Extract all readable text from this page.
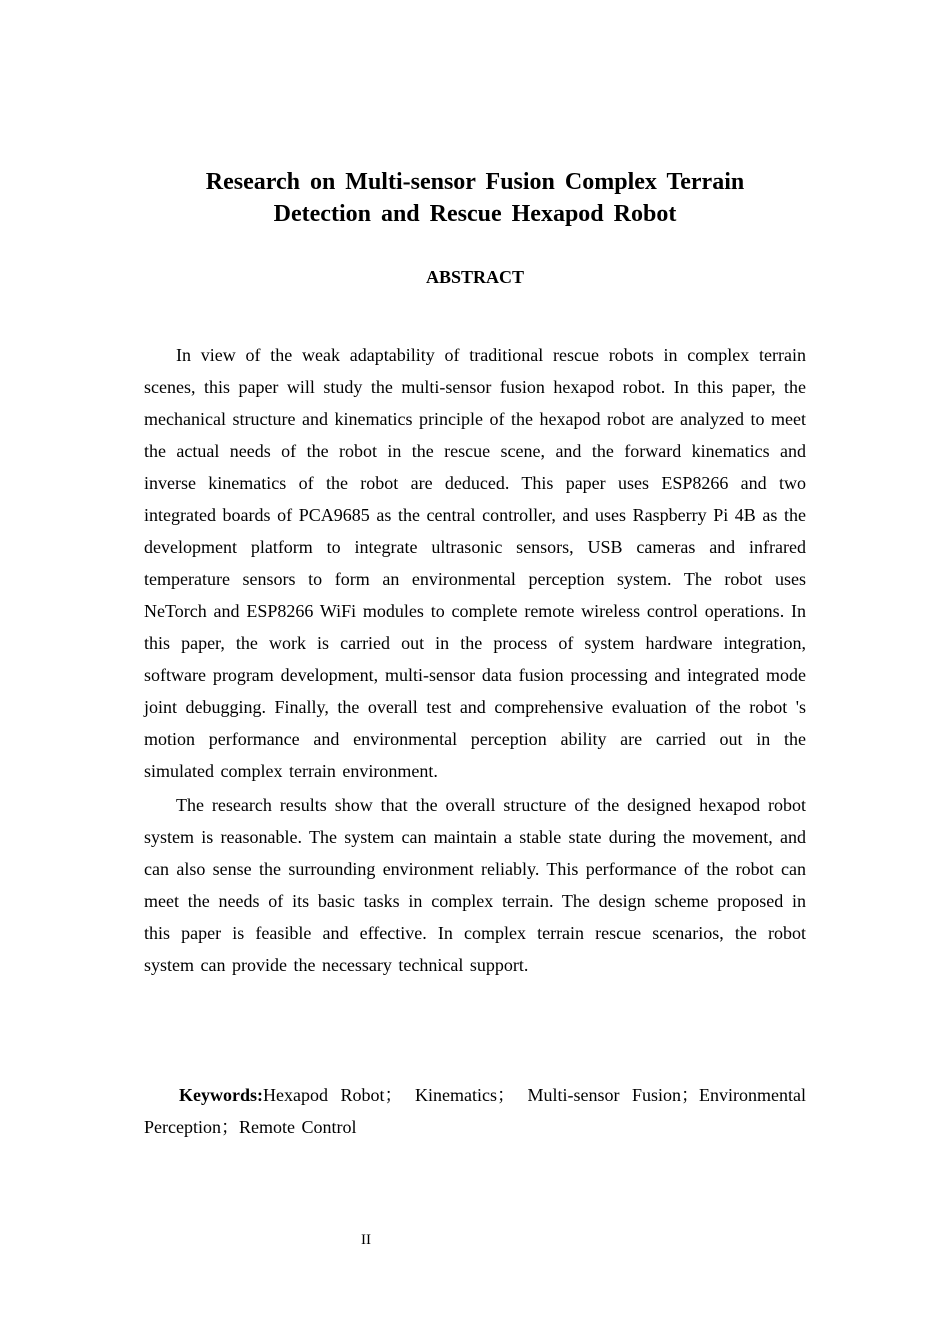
Research on Multi-sensor Fusion Complex Terrain
Detection and Rescue Hexapod Robot
ABSTRACT

In view of the weak adaptability of traditional rescue robots in complex terrain scenes, this paper will study the multi-sensor fusion hexapod robot. In this paper, the mechanical structure and kinematics principle of the hexapod robot are analyzed to meet the actual needs of the robot in the rescue scene, and the forward kinematics and inverse kinematics of the robot are deduced. This paper uses ESP8266 and two integrated boards of PCA9685 as the central controller, and uses Raspberry Pi 4B as the development platform to integrate ultrasonic sensors, USB cameras and infrared temperature sensors to form an environmental perception system. The robot uses NeTorch and ESP8266 WiFi modules to complete remote wireless control operations. In this paper, the work is carried out in the process of system hardware integration, software program development, multi-sensor data fusion processing and integrated mode joint debugging. Finally, the overall test and comprehensive evaluation of the robot 's motion performance and environmental perception ability are carried out in the simulated complex terrain environment.

The research results show that the overall structure of the designed hexapod robot system is reasonable. The system can maintain a stable state during the movement, and can also sense the surrounding environment reliably. This performance of the robot can meet the needs of its basic tasks in complex terrain. The design scheme proposed in this paper is feasible and effective. In complex terrain rescue scenarios, the robot system can provide the necessary technical support.

Keywords:Hexapod Robot； Kinematics； Multi-sensor Fusion；Environmental Perception；Remote Control
II
